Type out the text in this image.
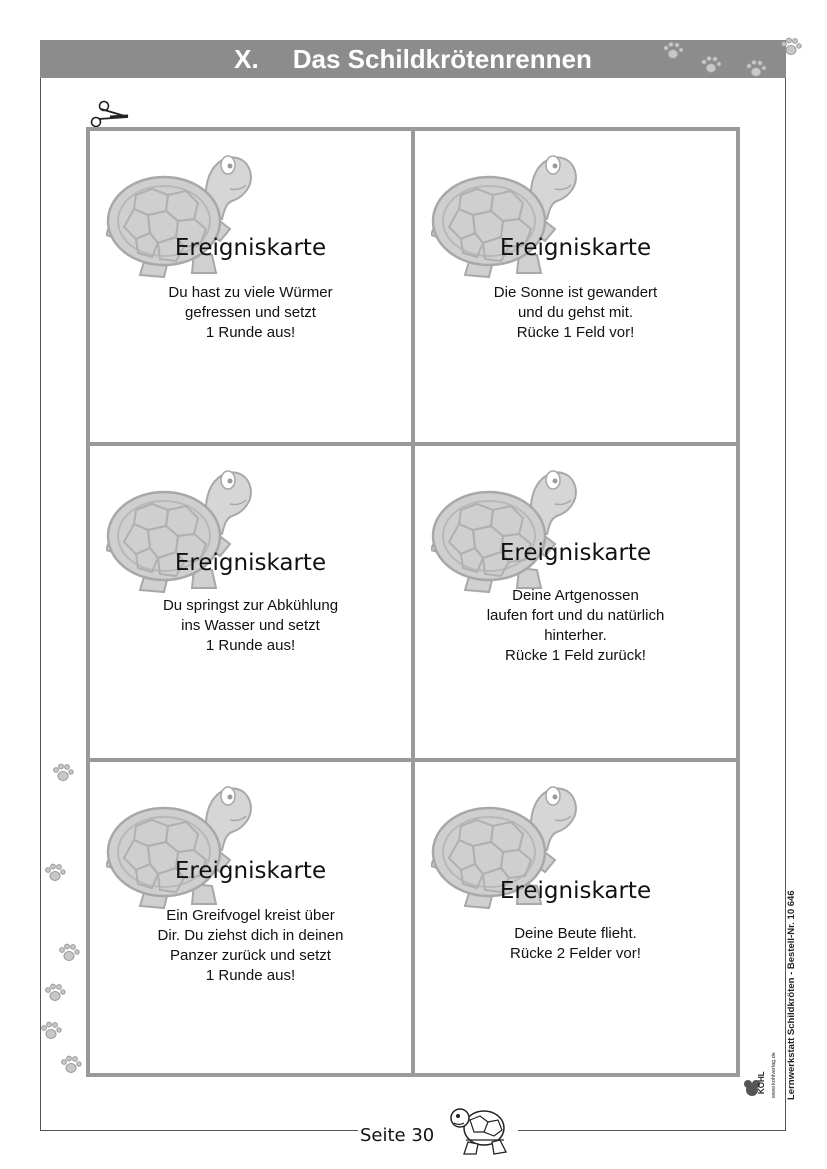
X. Das Schildkrötenrennen
Ereigniskarte
Du hast zu viele Würmer
gefressen und setzt
1 Runde aus!
Ereigniskarte
Die Sonne ist gewandert
und du gehst mit.
Rücke 1 Feld vor!
Ereigniskarte
Du springst zur Abkühlung
ins Wasser und setzt
1 Runde aus!
Ereigniskarte
Deine Artgenossen
laufen fort und du natürlich
hinterher.
Rücke 1 Feld zurück!
Ereigniskarte
Ein Greifvogel kreist über
Dir. Du ziehst dich in deinen
Panzer zurück und setzt
1 Runde aus!
Ereigniskarte
Deine Beute flieht.
Rücke 2 Felder vor!	Lernwerkstatt Schildkröten - Bestell-Nr. 10 646
KOHL www.kohlverlag.de
Seite 30
